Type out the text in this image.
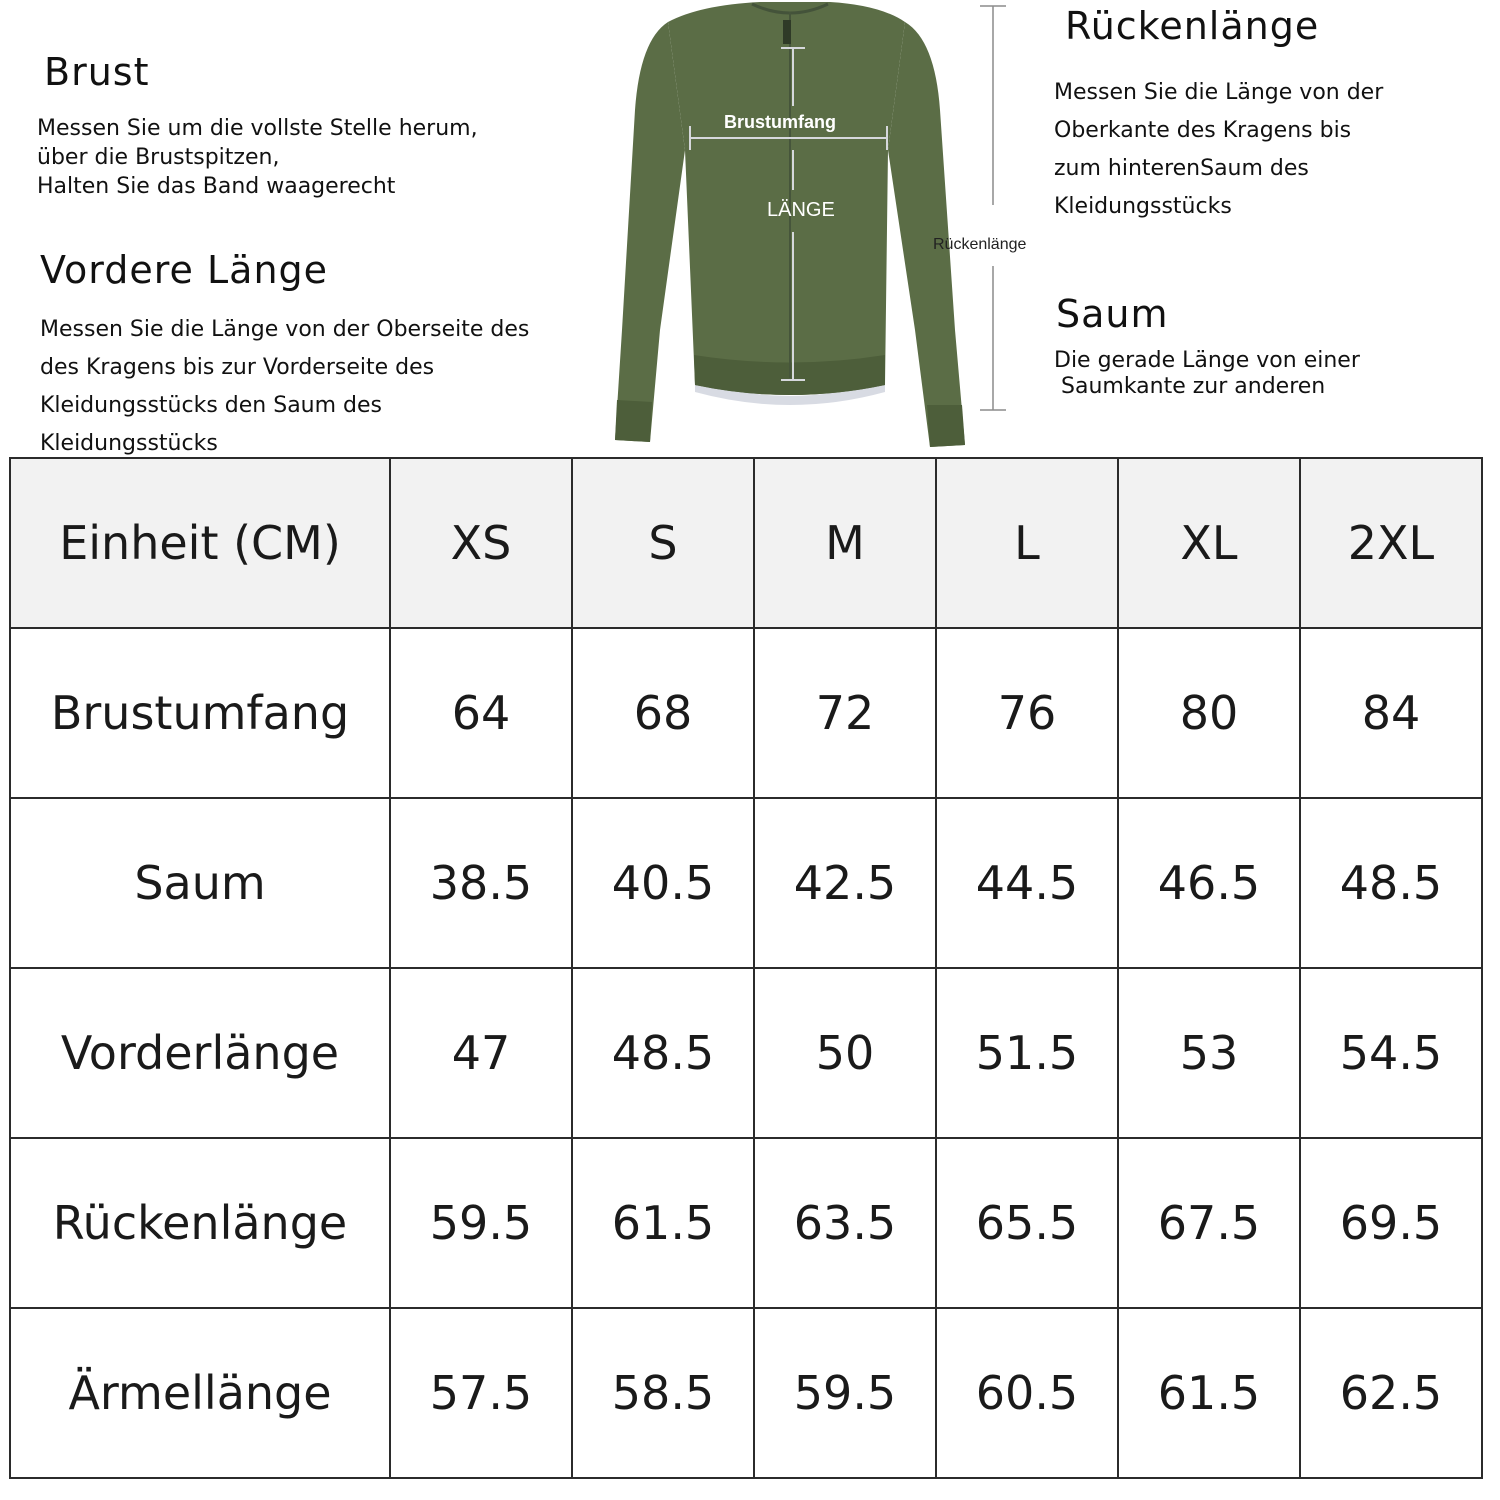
Brust
Messen Sie um die vollste Stelle herum,
über die Brustspitzen,
Halten Sie das Band waagerecht
Vordere Länge
Messen Sie die Länge von der Oberseite des
des Kragens bis zur Vorderseite des
Kleidungsstücks den Saum des
Kleidungsstücks
Brustumfang
LÄNGE
Rückenlänge
Rückenlänge
Messen Sie die Länge von der
Oberkante des Kragens bis
zum hinterenSaum des
Kleidungsstücks
Saum
Die gerade Länge von einer
Saumkante zur anderen
Einheit (CM)	XS	S	M	L	XL	2XL
Brustumfang	64	68	72	76	80	84
Saum	38.5	40.5	42.5	44.5	46.5	48.5
Vorderlänge	47	48.5	50	51.5	53	54.5
Rückenlänge	59.5	61.5	63.5	65.5	67.5	69.5
Ärmellänge	57.5	58.5	59.5	60.5	61.5	62.5
